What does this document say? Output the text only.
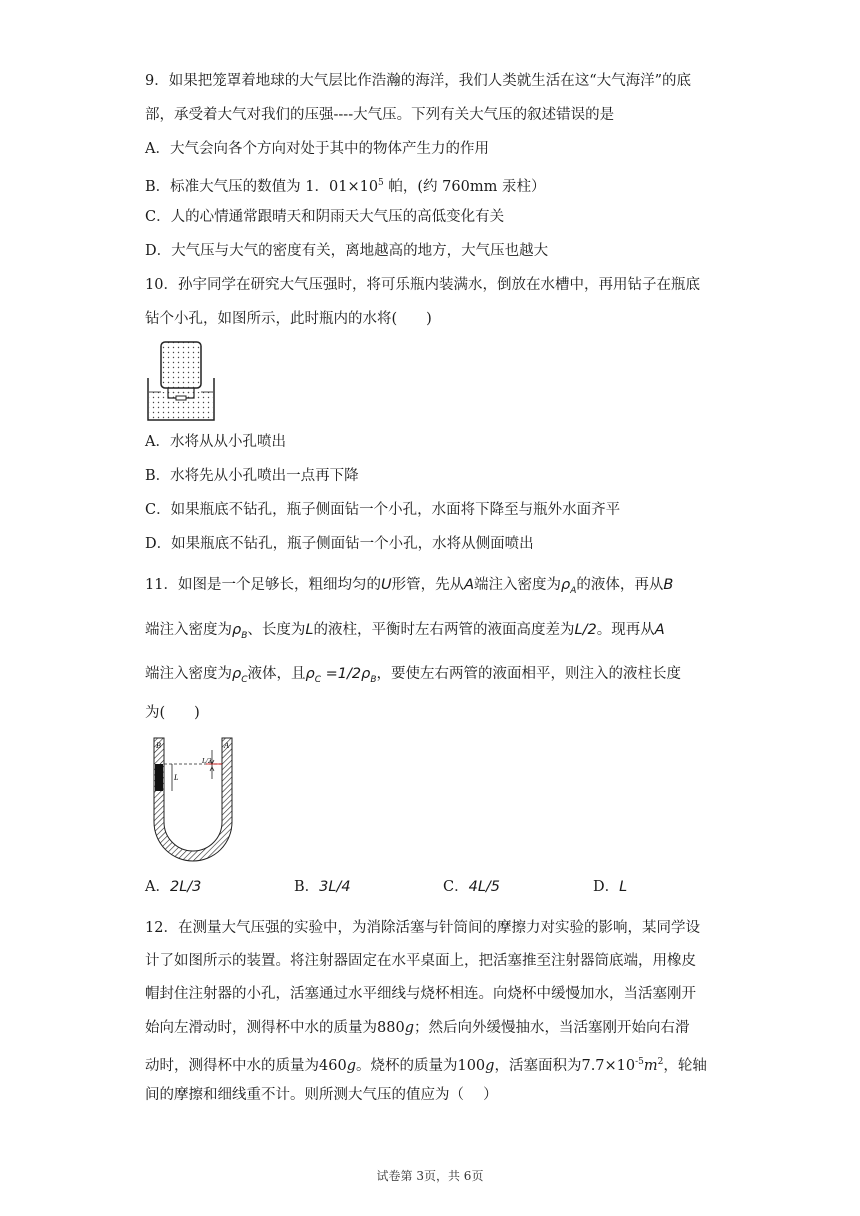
9．如果把笼罩着地球的大气层比作浩瀚的海洋，我们人类就生活在这“大气海洋”的底
部，承受着大气对我们的压强----大气压。下列有关大气压的叙述错误的是
A．大气会向各个方向对处于其中的物体产生力的作用
B．标准大气压的数值为 1．$01\times 10^5$ 帕，(约 760mm 汞柱）
C．人的心情通常跟晴天和阴雨天大气压的高低变化有关
D．大气压与大气的密度有关，离地越高的地方，大气压也越大
10．孙宇同学在研究大气压强时，将可乐瓶内装满水，倒放在水槽中，再用钻子在瓶底
钻个小孔，如图所示，此时瓶内的水将(　　)
A．水将从从小孔喷出
B．水将先从小孔喷出一点再下降
C．如果瓶底不钻孔，瓶子侧面钻一个小孔，水面将下降至与瓶外水面齐平
D．如果瓶底不钻孔，瓶子侧面钻一个小孔，水将从侧面喷出
11．如图是一个足够长，粗细均匀的U形管，先从A端注入密度为$\rho_A$的液体，再从B
端注入密度为$\rho_B$、长度为L的液柱，平衡时左右两管的液面高度差为L/2。现再从A
端注入密度为$\rho_C$液体，且$\rho_C =1/2\rho_B$，要使左右两管的液面相平，则注入的液柱长度
为(　　)
L
L/2
B	A
A．2L/3	B．3L/4	C．4L/5	D．L
12．在测量大气压强的实验中，为消除活塞与针筒间的摩擦力对实验的影响，某同学设
计了如图所示的装置。将注射器固定在水平桌面上，把活塞推至注射器筒底端，用橡皮
帽封住注射器的小孔，活塞通过水平细线与烧杯相连。向烧杯中缓慢加水，当活塞刚开
始向左滑动时，测得杯中水的质量为880g；然后向外缓慢抽水，当活塞刚开始向右滑
动时，测得杯中水的质量为460g。烧杯的质量为100g，活塞面积为$7.7\times 10^{-5}m^2$，轮轴
间的摩擦和细线重不计。则所测大气压的值应为（　 ）
试卷第 3页，共 6页
